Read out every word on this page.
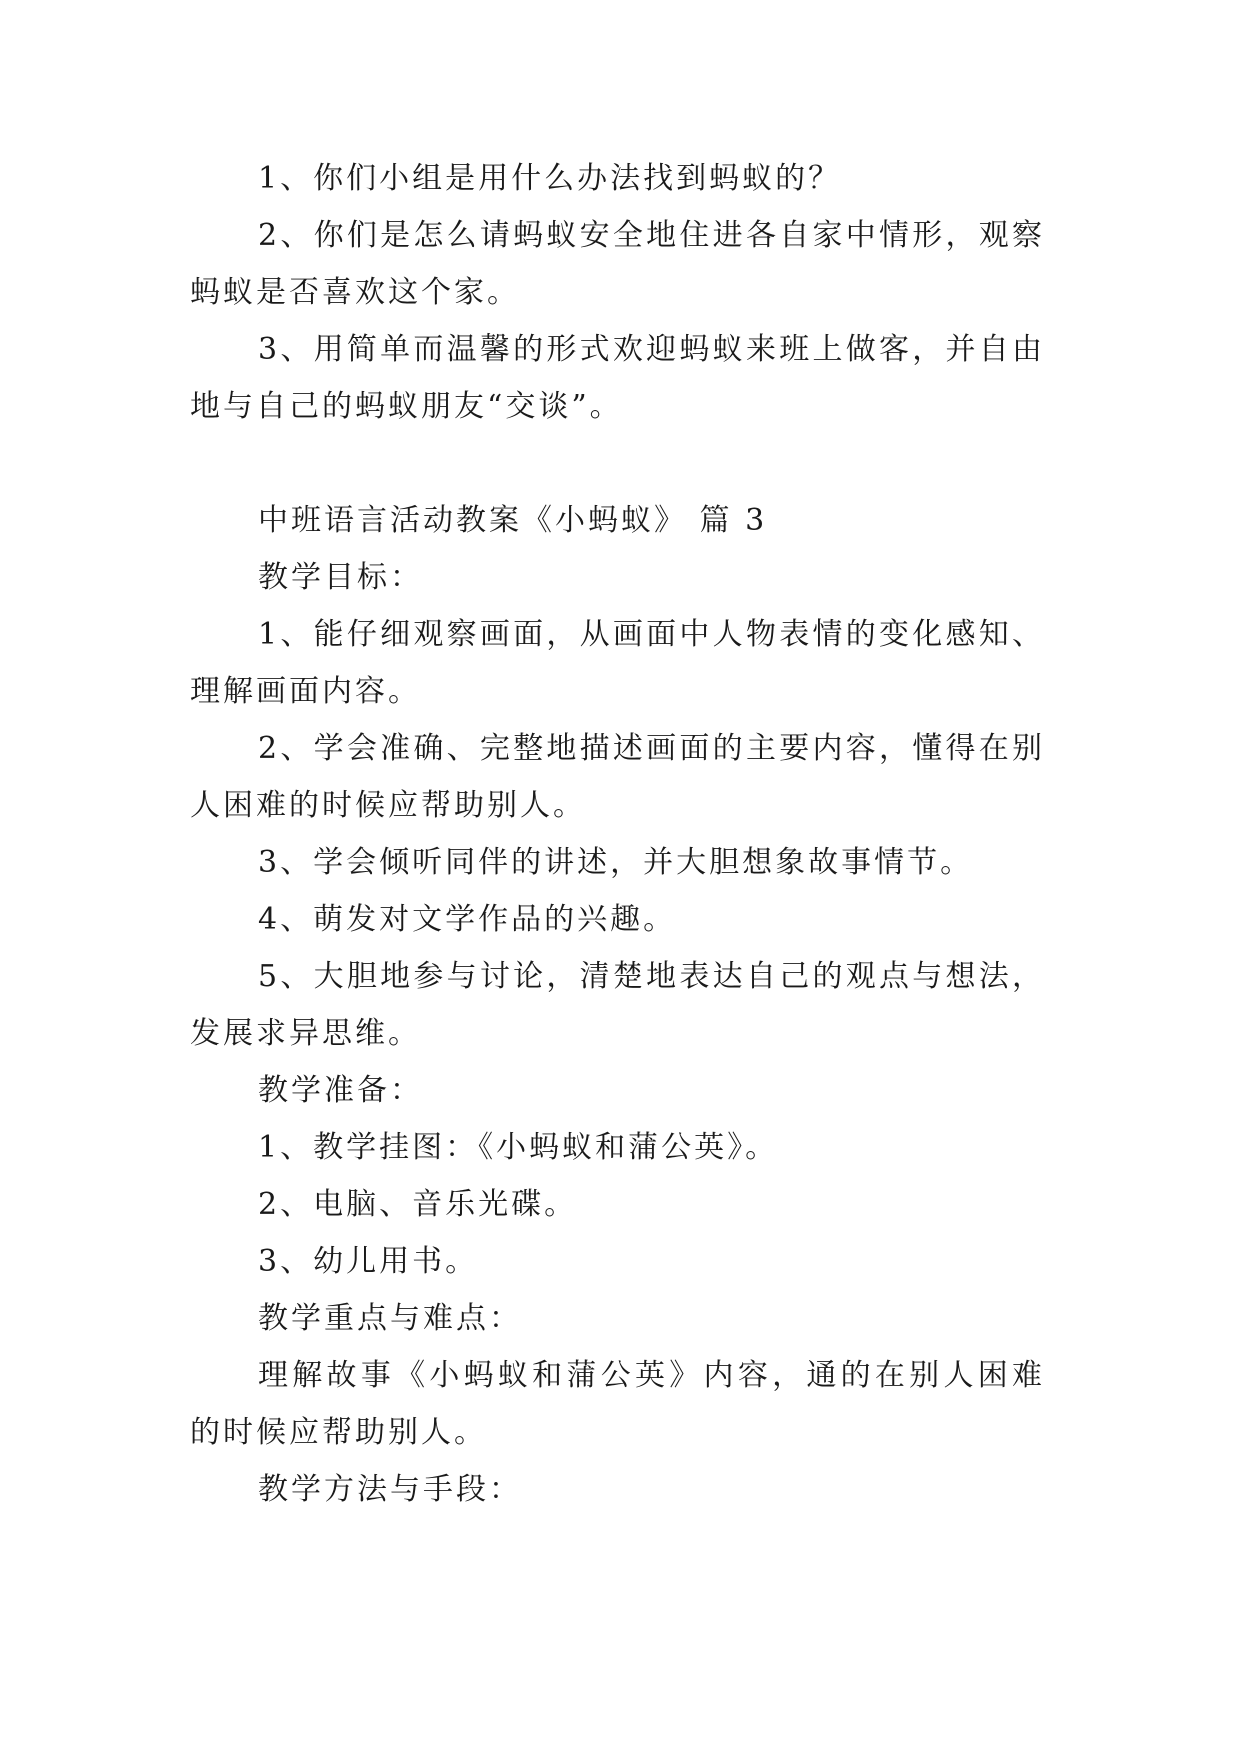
1、你们小组是用什么办法找到蚂蚁的？

2、你们是怎么请蚂蚁安全地住进各自家中情形，观察蚂蚁是否喜欢这个家。

3、用简单而温馨的形式欢迎蚂蚁来班上做客，并自由地与自己的蚂蚁朋友“交谈”。

中班语言活动教案《小蚂蚁》 篇 3

教学目标：

1、能仔细观察画面，从画面中人物表情的变化感知、理解画面内容。

2、学会准确、完整地描述画面的主要内容，懂得在别人困难的时候应帮助别人。

3、学会倾听同伴的讲述，并大胆想象故事情节。

4、萌发对文学作品的兴趣。

5、大胆地参与讨论，清楚地表达自己的观点与想法，发展求异思维。

教学准备：

1、教学挂图：《小蚂蚁和蒲公英》。

2、电脑、音乐光碟。

3、幼儿用书。

教学重点与难点：

理解故事《小蚂蚁和蒲公英》内容，通的在别人困难的时候应帮助别人。

教学方法与手段：
